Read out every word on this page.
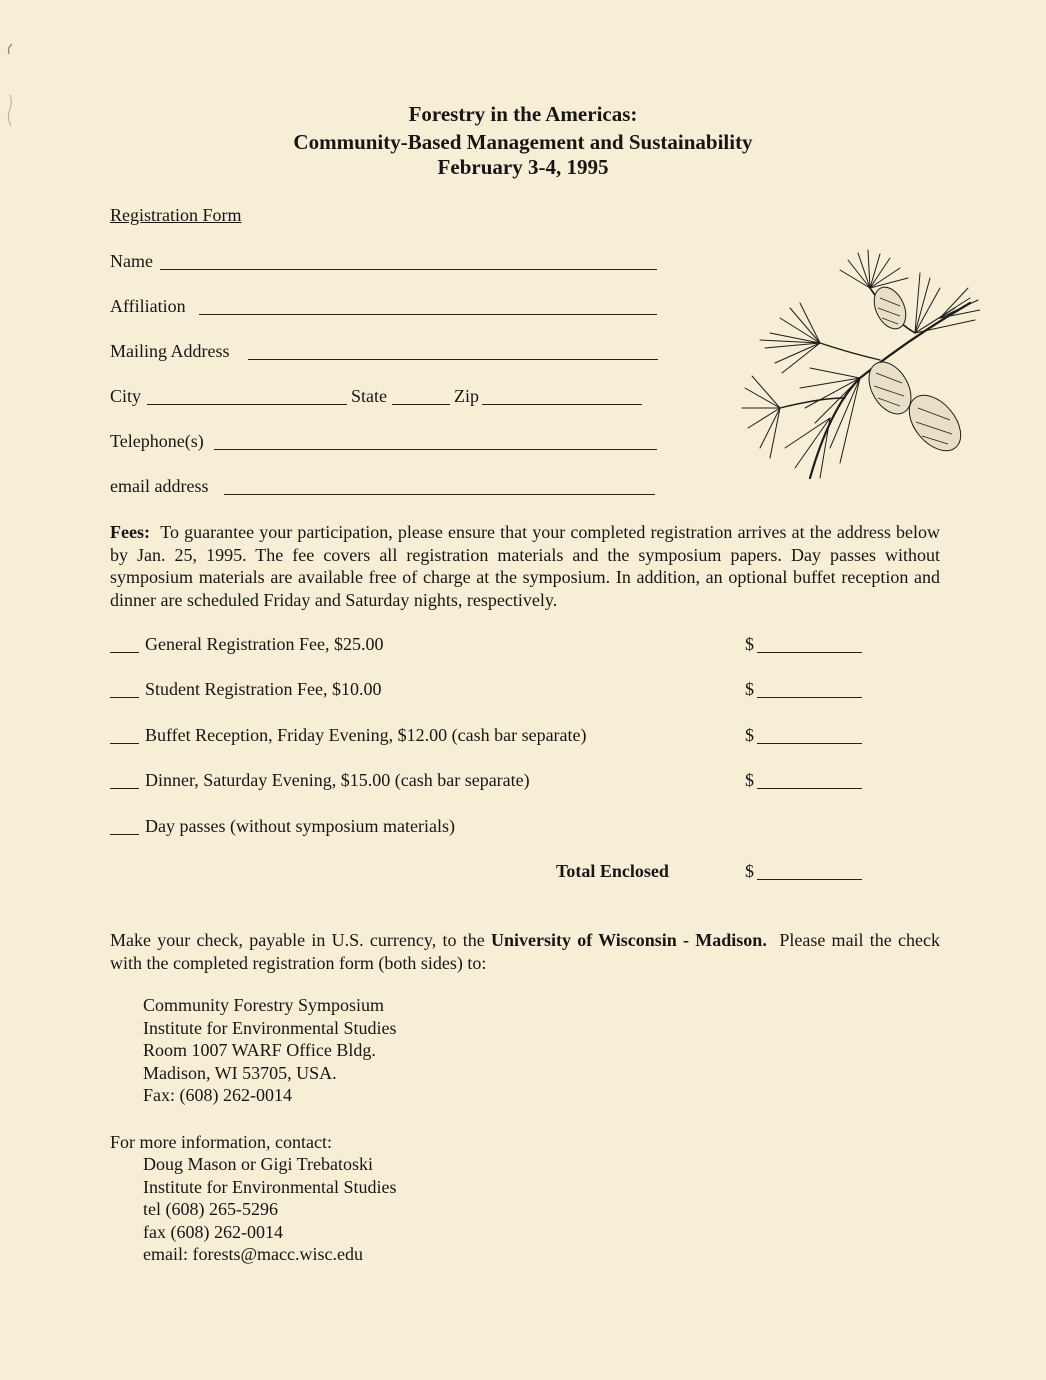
Forestry in the Americas:
Community-Based Management and Sustainability
February 3-4, 1995
Registration Form
Name
Affiliation
Mailing Address
City	State	Zip
Telephone(s)
email address
Fees: To guarantee your participation, please ensure that your completed registration arrives at the address below by Jan. 25, 1995. The fee covers all registration materials and the symposium papers. Day passes without symposium materials are available free of charge at the symposium. In addition, an optional buffet reception and dinner are scheduled Friday and Saturday nights, respectively.
General Registration Fee, $25.00	$
Student Registration Fee, $10.00	$
Buffet Reception, Friday Evening, $12.00 (cash bar separate)	$
Dinner, Saturday Evening, $15.00 (cash bar separate)	$
Day passes (without symposium materials)
Total Enclosed	$
Make your check, payable in U.S. currency, to the University of Wisconsin - Madison. Please mail the check with the completed registration form (both sides) to:
Community Forestry Symposium
Institute for Environmental Studies
Room 1007 WARF Office Bldg.
Madison, WI 53705, USA.
Fax: (608) 262-0014
For more information, contact:
Doug Mason or Gigi Trebatoski
Institute for Environmental Studies
tel (608) 265-5296
fax (608) 262-0014
email: forests@macc.wisc.edu
